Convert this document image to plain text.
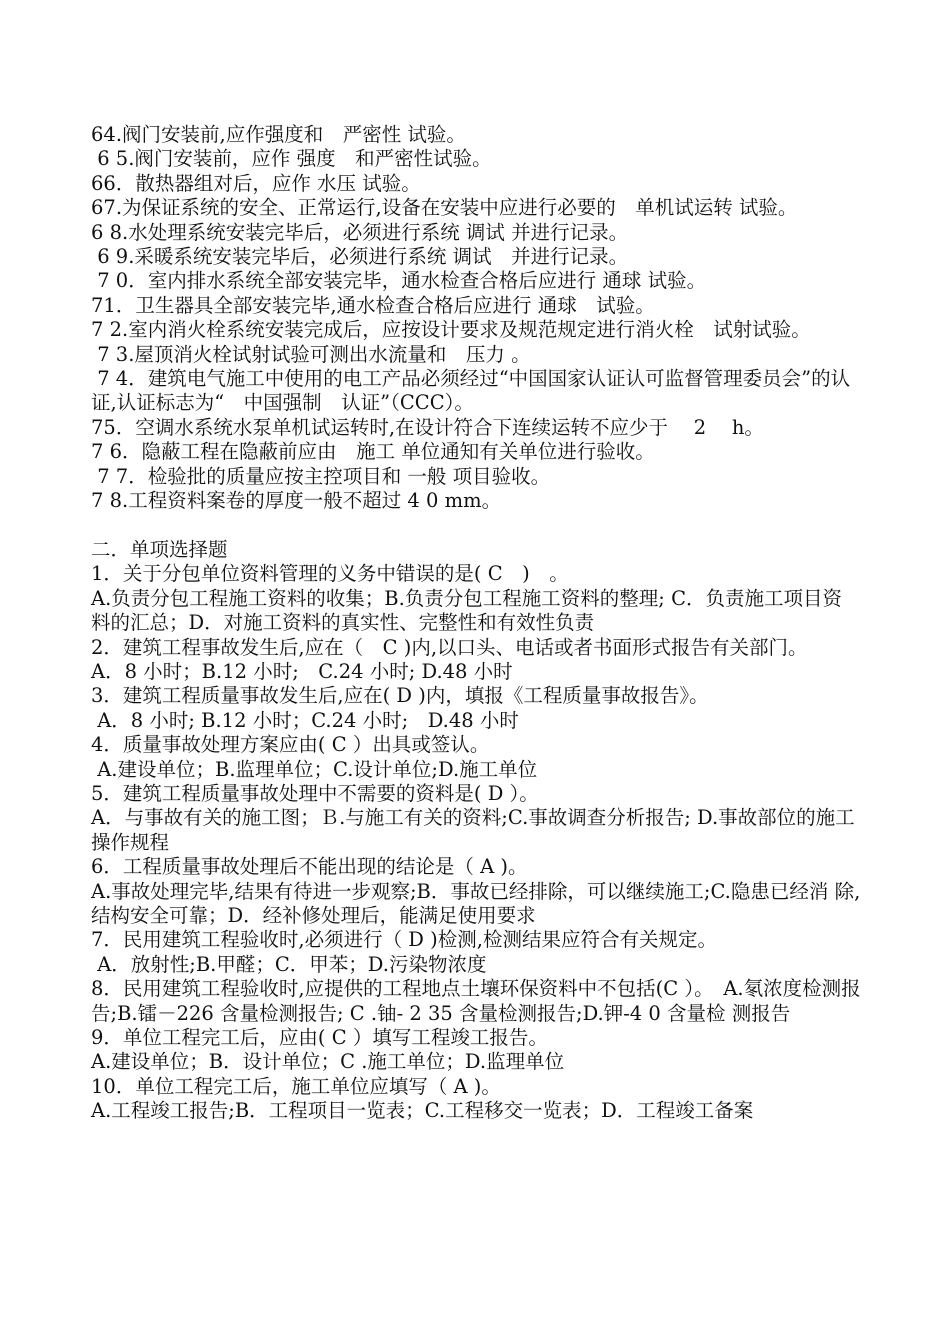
64.阀门安装前,应作强度和　严密性 试验。
6 5.阀门安装前，应作 强度　和严密性试验。
66．散热器组对后，应作 水压 试验。
67.为保证系统的安全、正常运行,设备在安装中应进行必要的　单机试运转 试验。
6 8.水处理系统安装完毕后，必须进行系统 调试 并进行记录。
6 9.采暖系统安装完毕后，必须进行系统 调试　并进行记录。
7 0．室内排水系统全部安装完毕，通水检查合格后应进行 通球 试验。
71．卫生器具全部安装完毕,通水检查合格后应进行 通球　试验。
7 2.室内消火栓系统安装完成后，应按设计要求及规范规定进行消火栓　试射试验。
7 3.屋顶消火栓试射试验可测出水流量和　压力 。
7 4．建筑电气施工中使用的电工产品必须经过“中国国家认证认可监督管理委员会”的认证,认证标志为“　中国强制　认证”（CCC）。
75．空调水系统水泵单机试运转时,在设计符合下连续运转不应少于　 2　 h。
7 6．隐蔽工程在隐蔽前应由　施工 单位通知有关单位进行验收。
7 7．检验批的质量应按主控项目和 一般 项目验收。
7 8.工程资料案卷的厚度一般不超过 4 0 mm。
二．单项选择题
1．关于分包单位资料管理的义务中错误的是( C　)　。
A.负责分包工程施工资料的收集；B.负责分包工程施工资料的整理; C．负责施工项目资 料的汇总；D．对施工资料的真实性、完整性和有效性负责
2．建筑工程事故发生后,应在（　C )内,以口头、电话或者书面形式报告有关部门。
A．8 小时；B.12 小时;　C.24 小时; D.48 小时
3．建筑工程质量事故发生后,应在( D )内，填报《工程质量事故报告》。
A．8 小时; B.12 小时；C.24 小时;　D.48 小时
4．质量事故处理方案应由( C ）出具或签认。
A.建设单位；B.监理单位；C.设计单位;D.施工单位
5．建筑工程质量事故处理中不需要的资料是( D ）。
A．与事故有关的施工图；Ｂ.与施工有关的资料;C.事故调查分析报告; D.事故部位的施工 操作规程
6．工程质量事故处理后不能出现的结论是（ A )。
A.事故处理完毕,结果有待进一步观察;B．事故已经排除，可以继续施工;C.隐患已经消 除,结构安全可靠；D．经补修处理后，能满足使用要求
7．民用建筑工程验收时,必须进行（ D )检测,检测结果应符合有关规定。
A．放射性;B.甲醛；C．甲苯；D.污染物浓度
8．民用建筑工程验收时,应提供的工程地点土壤环保资料中不包括(C ）。　A.氡浓度检测报告;B.镭－226 含量检测报告; C .铀- 2 35 含量检测报告;D.钾-4 0 含量检 测报告
9．单位工程完工后，应由( C ）填写工程竣工报告。
A.建设单位；B．设计单位；C .施工单位；D.监理单位
10．单位工程完工后，施工单位应填写（ A )。
A.工程竣工报告;B．工程项目一览表；C.工程移交一览表；D．工程竣工备案
